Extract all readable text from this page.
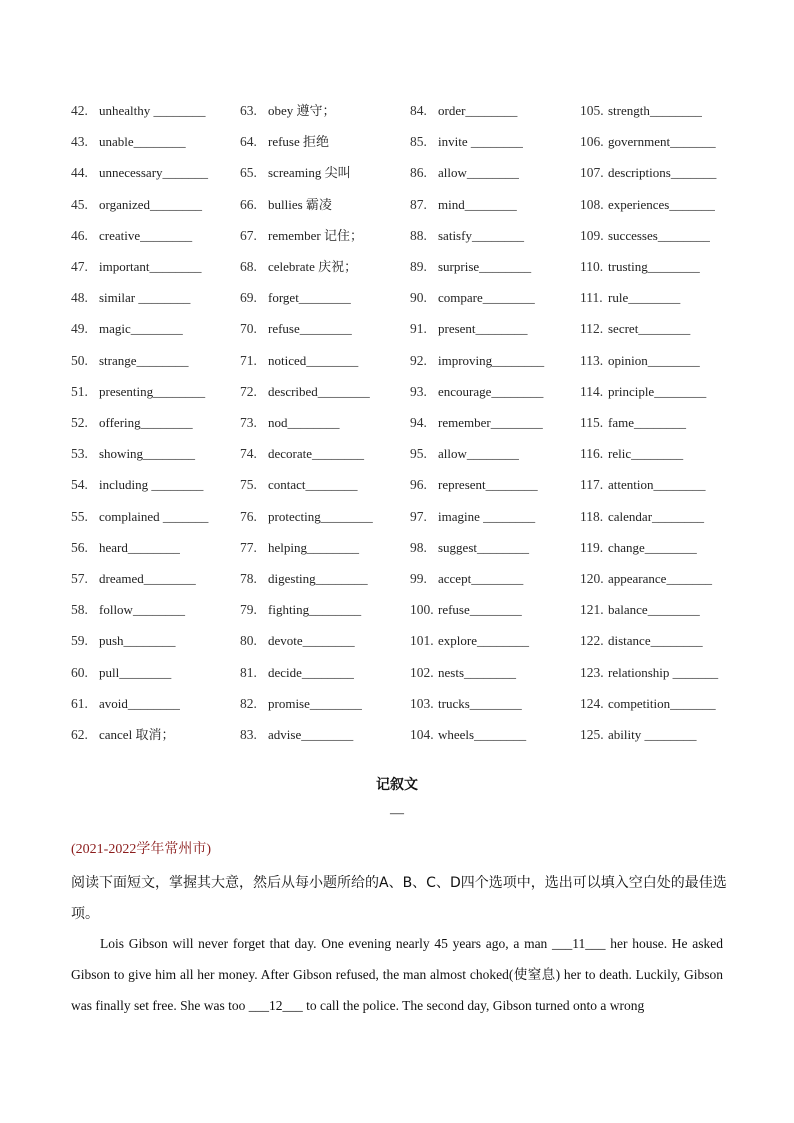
42. unhealthy ________
43. unable________
44. unnecessary_______
45. organized________
46. creative________
47. important________
48. similar ________
49. magic________
50. strange________
51. presenting________
52. offering________
53. showing________
54. including ________
55. complained _______
56. heard________
57. dreamed________
58. follow________
59. push________
60. pull________
61. avoid________
62. cancel 取消；
63. obey 遵守；
64. refuse 拒绝
65. screaming 尖叫
66. bullies 霸凌
67. remember 记住；
68. celebrate 庆祝；
69. forget________
70. refuse________
71. noticed________
72. described________
73. nod________
74. decorate________
75. contact________
76. protecting________
77. helping________
78. digesting________
79. fighting________
80. devote________
81. decide________
82. promise________
83. advise________
84. order________
85. invite ________
86. allow________
87. mind________
88. satisfy________
89. surprise________
90. compare________
91. present________
92. improving________
93. encourage________
94. remember________
95. allow________
96. represent________
97. imagine ________
98. suggest________
99. accept________
100. refuse________
101. explore________
102. nests________
103. trucks________
104. wheels________
105. strength________
106. government_______
107. descriptions_______
108. experiences_______
109. successes________
110. trusting________
111. rule________
112. secret________
113. opinion________
114. principle________
115. fame________
116. relic________
117. attention________
118. calendar________
119. change________
120. appearance_______
121. balance________
122. distance________
123. relationship _______
124. competition_______
125. ability ________
记叙文
—
(2021-2022学年常州市)
阅读下面短文，掌握其大意，然后从每小题所给的A、B、C、D四个选项中，选出可以填入空白处的最佳选项。
Lois Gibson will never forget that day. One evening nearly 45 years ago, a man ___11___ her house. He asked Gibson to give him all her money. After Gibson refused, the man almost choked(使窒息) her to death. Luckily, Gibson was finally set free. She was too ___12___ to call the police. The second day, Gibson turned onto a wrong
